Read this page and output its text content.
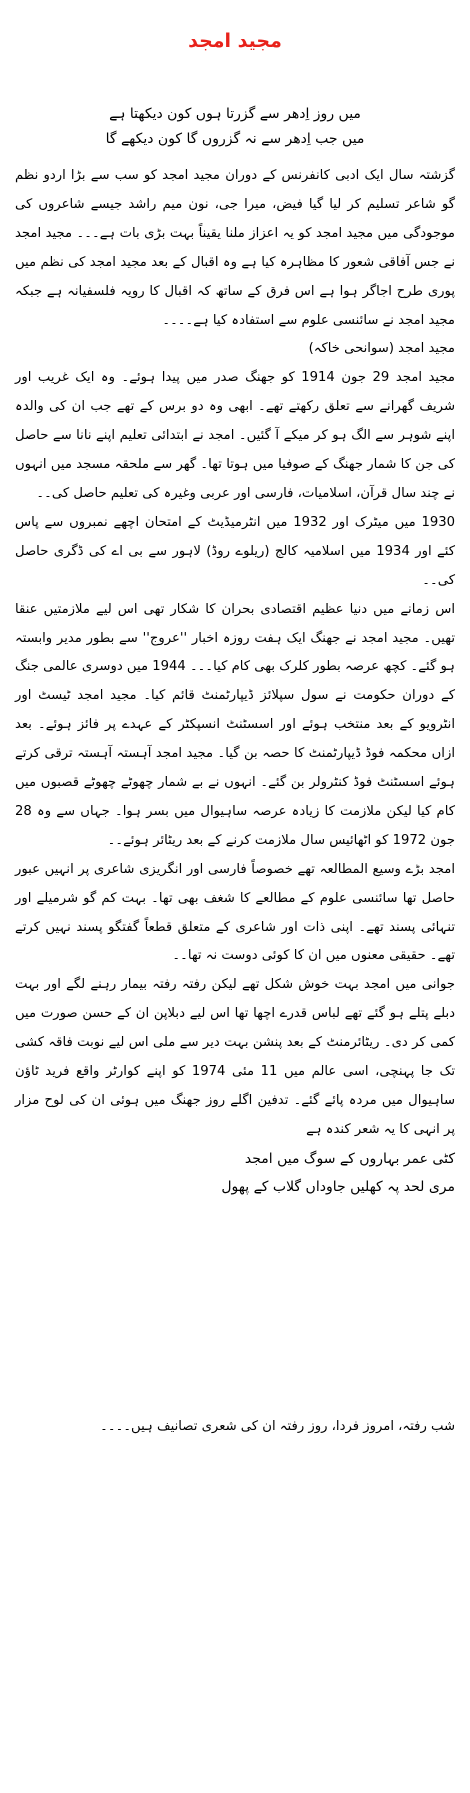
مجید امجد
میں روز اِدھر سے گزرتا ہوں کون دیکھتا ہے
میں جب اِدھر سے نہ گزروں گا کون دیکھے گا

گزشتہ سال ایک ادبی کانفرنس کے دوران مجید امجد کو سب سے بڑا اردو نظم گو شاعر تسلیم کر لیا گیا فیض، میرا جی، نون میم راشد جیسے شاعروں کی موجودگی میں مجید امجد کو یہ اعزاز ملنا یقیناً بہت بڑی بات ہے۔۔۔ مجید امجد نے جس آفاقی شعور کا مظاہرہ کیا ہے وہ اقبال کے بعد مجید امجد کی نظم میں پوری طرح اجاگر ہوا ہے اس فرق کے ساتھ کہ اقبال کا رویہ فلسفیانہ ہے جبکہ مجید امجد نے سائنسی علوم سے استفادہ کیا ہے۔۔۔۔

مجید امجد (سوانحی خاکہ)

مجید امجد 29 جون 1914 کو جھنگ صدر میں پیدا ہوئے۔ وہ ایک غریب اور شریف گھرانے سے تعلق رکھتے تھے۔ ابھی وہ دو برس کے تھے جب ان کی والدہ اپنے شوہر سے الگ ہو کر میکے آ گئیں۔ امجد نے ابتدائی تعلیم اپنے نانا سے حاصل کی جن کا شمار جھنگ کے صوفیا میں ہوتا تھا۔ گھر سے ملحقہ مسجد میں انہوں نے چند سال قرآن، اسلامیات، فارسی اور عربی وغیرہ کی تعلیم حاصل کی۔۔

1930 میں میٹرک اور 1932 میں انٹرمیڈیٹ کے امتحان اچھے نمبروں سے پاس کئے اور 1934 میں اسلامیہ کالج (ریلوے روڈ) لاہور سے بی اے کی ڈگری حاصل کی۔۔

اس زمانے میں دنیا عظیم اقتصادی بحران کا شکار تھی اس لیے ملازمتیں عنقا تھیں۔ مجید امجد نے جھنگ ایک ہفت روزہ اخبار ''عروج'' سے بطور مدیر وابستہ ہو گئے۔ کچھ عرصہ بطور کلرک بھی کام کیا۔۔۔ 1944 میں دوسری عالمی جنگ کے دوران حکومت نے سول سپلائز ڈیپارٹمنٹ قائم کیا۔ مجید امجد ٹیسٹ اور انٹرویو کے بعد منتخب ہوئے اور اسسٹنٹ انسپکٹر کے عہدے پر فائز ہوئے۔ بعد ازاں محکمہ فوڈ ڈیپارٹمنٹ کا حصہ بن گیا۔ مجید امجد آہستہ آہستہ ترقی کرتے ہوئے اسسٹنٹ فوڈ کنٹرولر بن گئے۔ انہوں نے بے شمار چھوٹے چھوٹے قصبوں میں کام کیا لیکن ملازمت کا زیادہ عرصہ ساہیوال میں بسر ہوا۔ جہاں سے وہ 28 جون 1972 کو اٹھائیس سال ملازمت کرنے کے بعد ریٹائر ہوئے۔۔

امجد بڑے وسیع المطالعہ تھے خصوصاً فارسی اور انگریزی شاعری پر انہیں عبور حاصل تھا سائنسی علوم کے مطالعے کا شغف بھی تھا۔ بہت کم گو شرمیلے اور تنہائی پسند تھے۔ اپنی ذات اور شاعری کے متعلق قطعاً گفتگو پسند نہیں کرتے تھے۔ حقیقی معنوں میں ان کا کوئی دوست نہ تھا۔۔

جوانی میں امجد بہت خوش شکل تھے لیکن رفتہ رفتہ بیمار رہنے لگے اور بہت دبلے پتلے ہو گئے تھے لباس قدرے اچھا تھا اس لیے دبلاپن ان کے حسن صورت میں کمی کر دی۔ ریٹائرمنٹ کے بعد پنشن بہت دیر سے ملی اس لیے نوبت فاقہ کشی تک جا پہنچی، اسی عالم میں 11 مئی 1974 کو اپنے کوارٹر واقع فرید ٹاؤن ساہیوال میں مردہ پائے گئے۔ تدفین اگلے روز جھنگ میں ہوئی ان کی لوح مزار پر انہی کا یہ شعر کندہ ہے

کٹی عمر بہاروں کے سوگ میں امجد
مری لحد پہ کھلیں جاوداں گلاب کے پھول
شب رفتہ، امروز فردا، روز رفتہ ان کی شعری تصانیف ہیں۔۔۔۔
